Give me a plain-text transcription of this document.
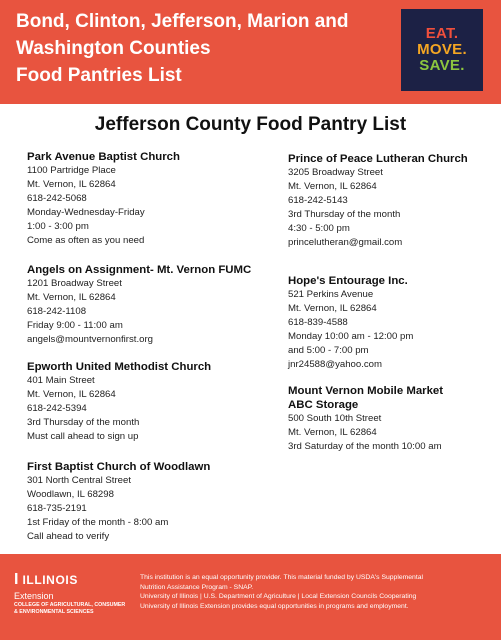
Bond, Clinton, Jefferson, Marion and
Washington Counties
Food Pantries List
EAT.
MOVE.
SAVE.
Jefferson County Food Pantry List
Park Avenue Baptist Church
1100 Partridge Place
Mt. Vernon, IL 62864
618-242-5068
Monday-Wednesday-Friday
1:00 - 3:00 pm
Come as often as you need
Angels on Assignment- Mt. Vernon FUMC
1201 Broadway Street
Mt. Vernon, IL 62864
618-242-1108
Friday 9:00 - 11:00 am
angels@mountvernonfirst.org
Epworth United Methodist Church
401 Main Street
Mt. Vernon, IL 62864
618-242-5394
3rd Thursday of the month
Must call ahead to sign up
First Baptist Church of Woodlawn
301 North Central Street
Woodlawn, IL 68298
618-735-2191
1st Friday of the month - 8:00 am
Call ahead to verify
Prince of Peace Lutheran Church
3205 Broadway Street
Mt. Vernon, IL 62864
618-242-5143
3rd Thursday of the month
4:30 - 5:00 pm
princelutheran@gmail.com
Hope's Entourage Inc.
521 Perkins Avenue
Mt. Vernon, IL 62864
618-839-4588
Monday 10:00 am - 12:00 pm
and 5:00 - 7:00 pm
jnr24588@yahoo.com
Mount Vernon Mobile Market ABC Storage
500 South 10th Street
Mt. Vernon, IL 62864
3rd Saturday of the month 10:00 am
I ILLINOIS
Extension
COLLEGE OF AGRICULTURAL, CONSUMER
& ENVIRONMENTAL SCIENCES
This institution is an equal opportunity provider. This material funded by USDA's Supplemental
Nutrition Assistance Program - SNAP.
University of Illinois | U.S. Department of Agriculture | Local Extension Councils Cooperating
University of Illinois Extension provides equal opportunities in programs and employment.
